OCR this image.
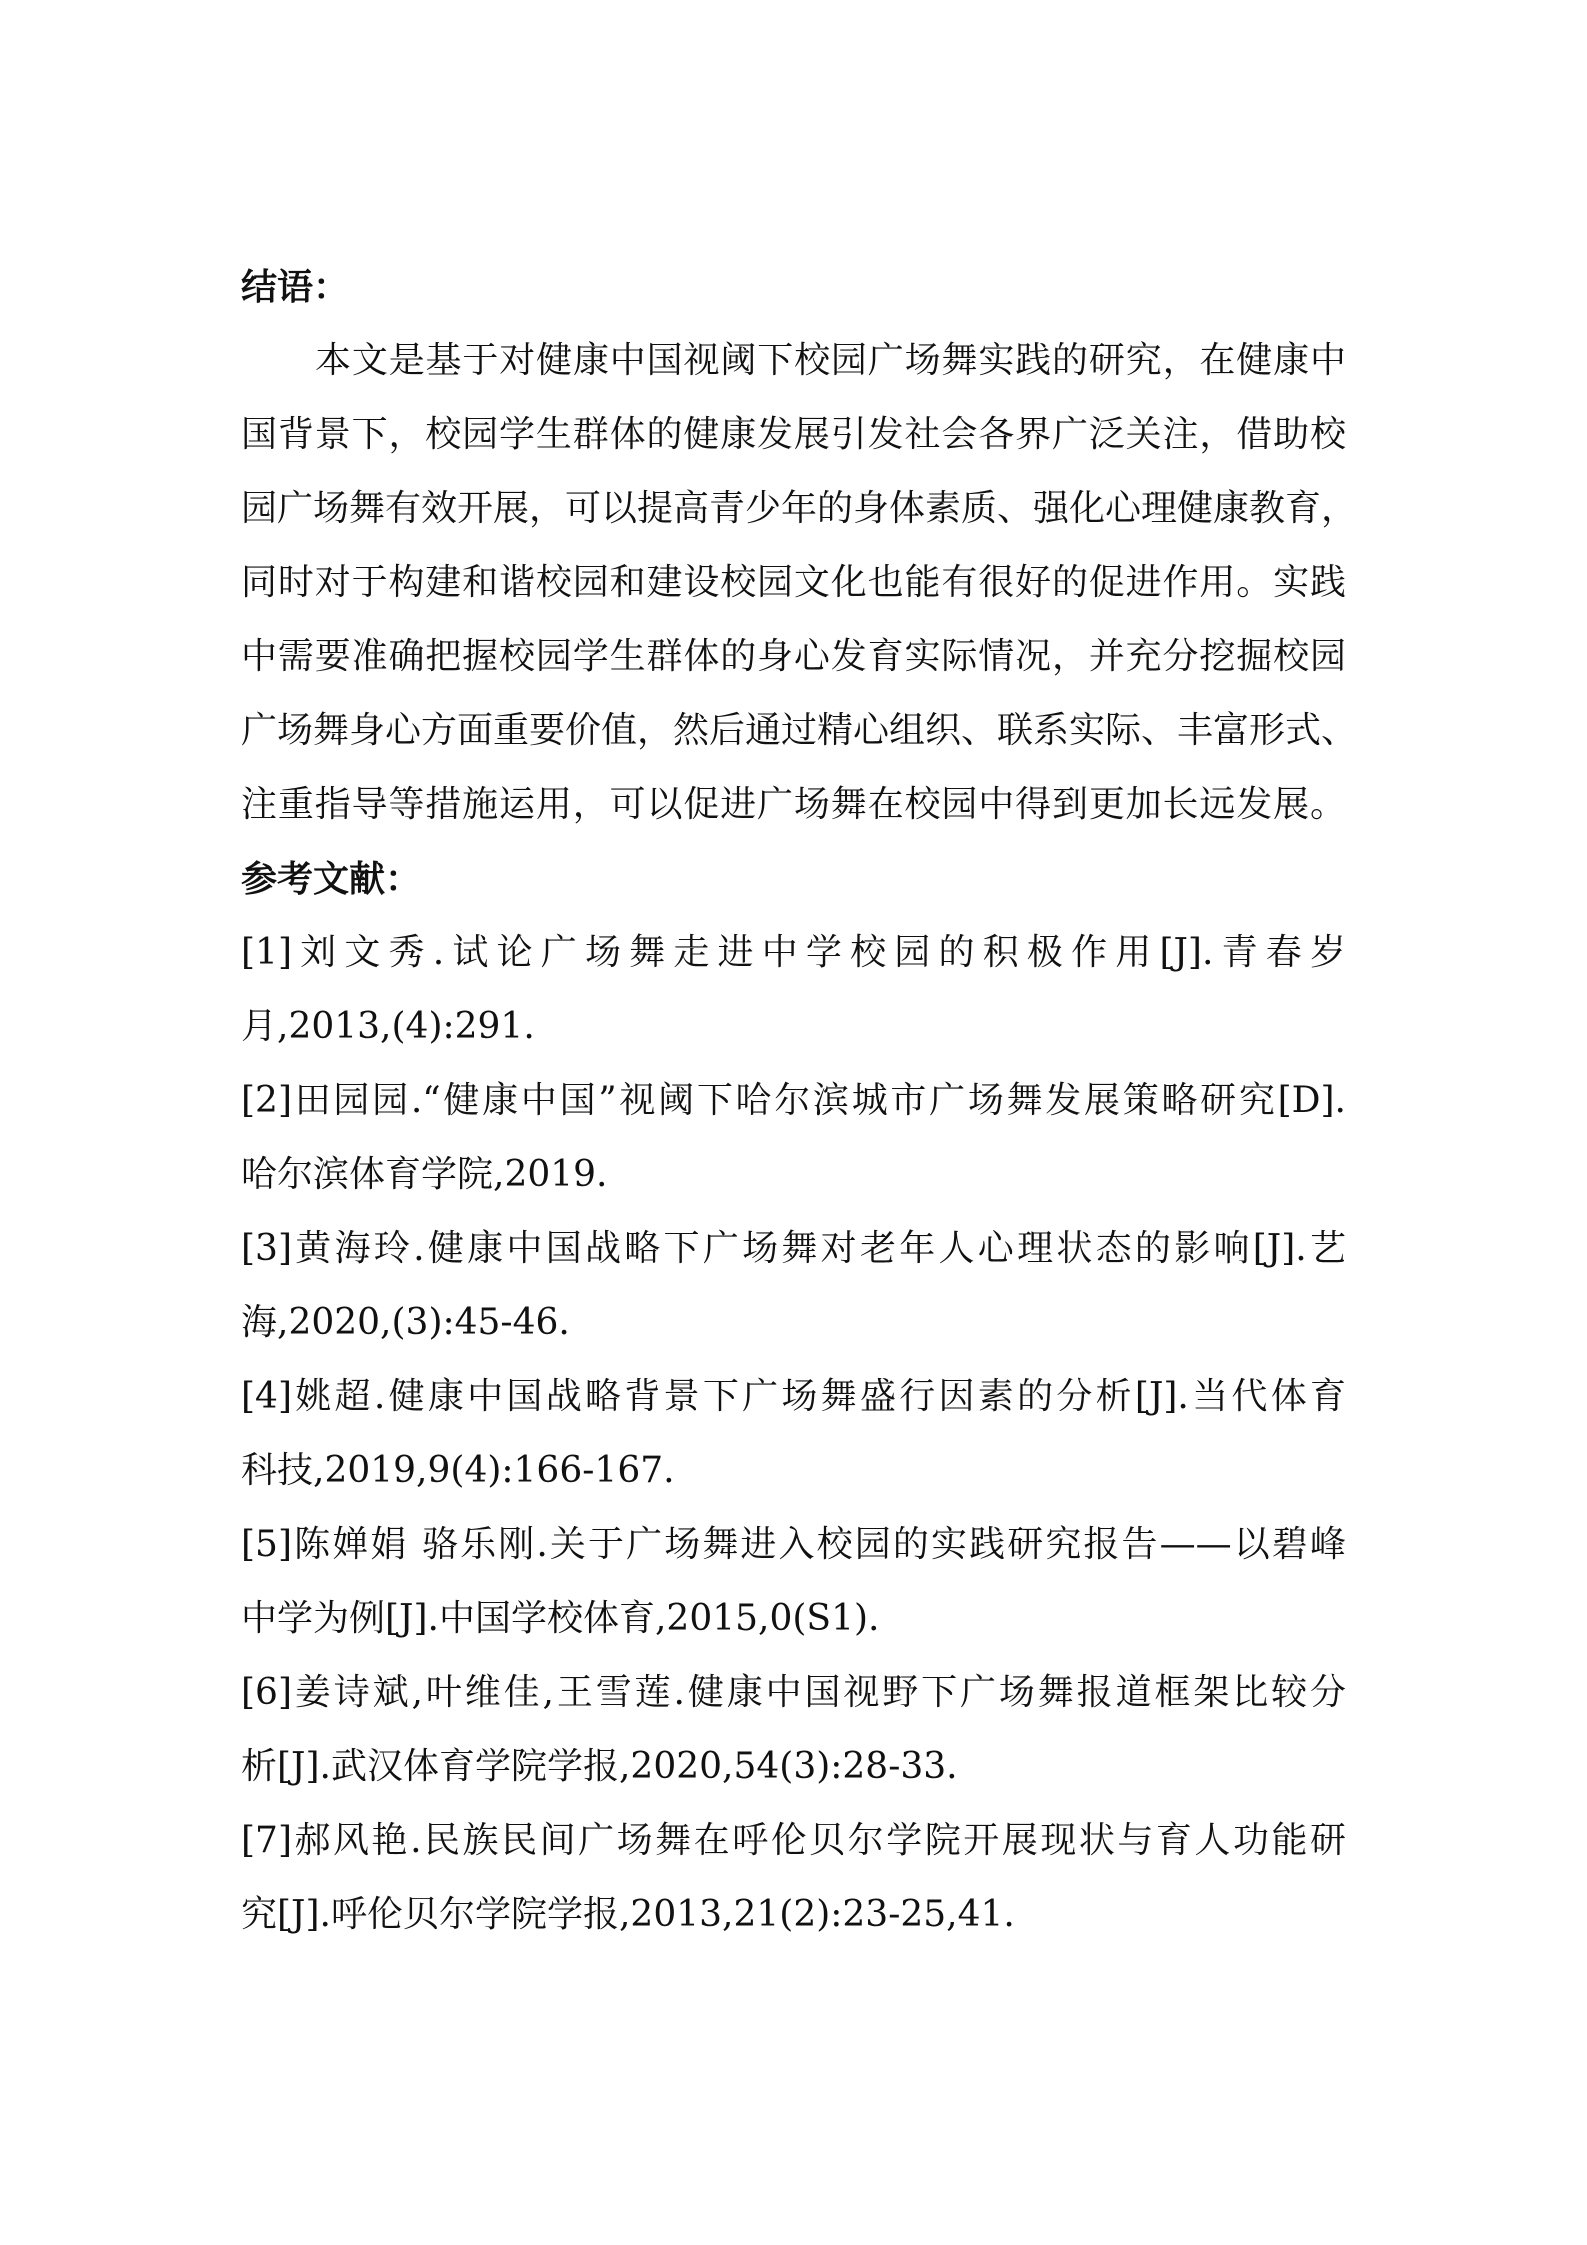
结语：
本文是基于对健康中国视阈下校园广场舞实践的研究，在健康中
国背景下，校园学生群体的健康发展引发社会各界广泛关注，借助校
园广场舞有效开展，可以提高青少年的身体素质、强化心理健康教育，
同时对于构建和谐校园和建设校园文化也能有很好的促进作用。实践
中需要准确把握校园学生群体的身心发育实际情况，并充分挖掘校园
广场舞身心方面重要价值，然后通过精心组织、联系实际、丰富形式、
注重指导等措施运用，可以促进广场舞在校园中得到更加长远发展。
参考文献：
[1]刘文秀.试论广场舞走进中学校园的积极作用[J].青春岁
月,2013,(4):291.
[2]田园园.“健康中国”视阈下哈尔滨城市广场舞发展策略研究[D].
哈尔滨体育学院,2019.
[3]黄海玲.健康中国战略下广场舞对老年人心理状态的影响[J].艺
海,2020,(3):45-46.
[4]姚超.健康中国战略背景下广场舞盛行因素的分析[J].当代体育
科技,2019,9(4):166-167.
[5]陈婵娟 骆乐刚.关于广场舞进入校园的实践研究报告——以碧峰
中学为例[J].中国学校体育,2015,0(S1).
[6]姜诗斌,叶维佳,王雪莲.健康中国视野下广场舞报道框架比较分
析[J].武汉体育学院学报,2020,54(3):28-33.
[7]郝风艳.民族民间广场舞在呼伦贝尔学院开展现状与育人功能研
究[J].呼伦贝尔学院学报,2013,21(2):23-25,41.
